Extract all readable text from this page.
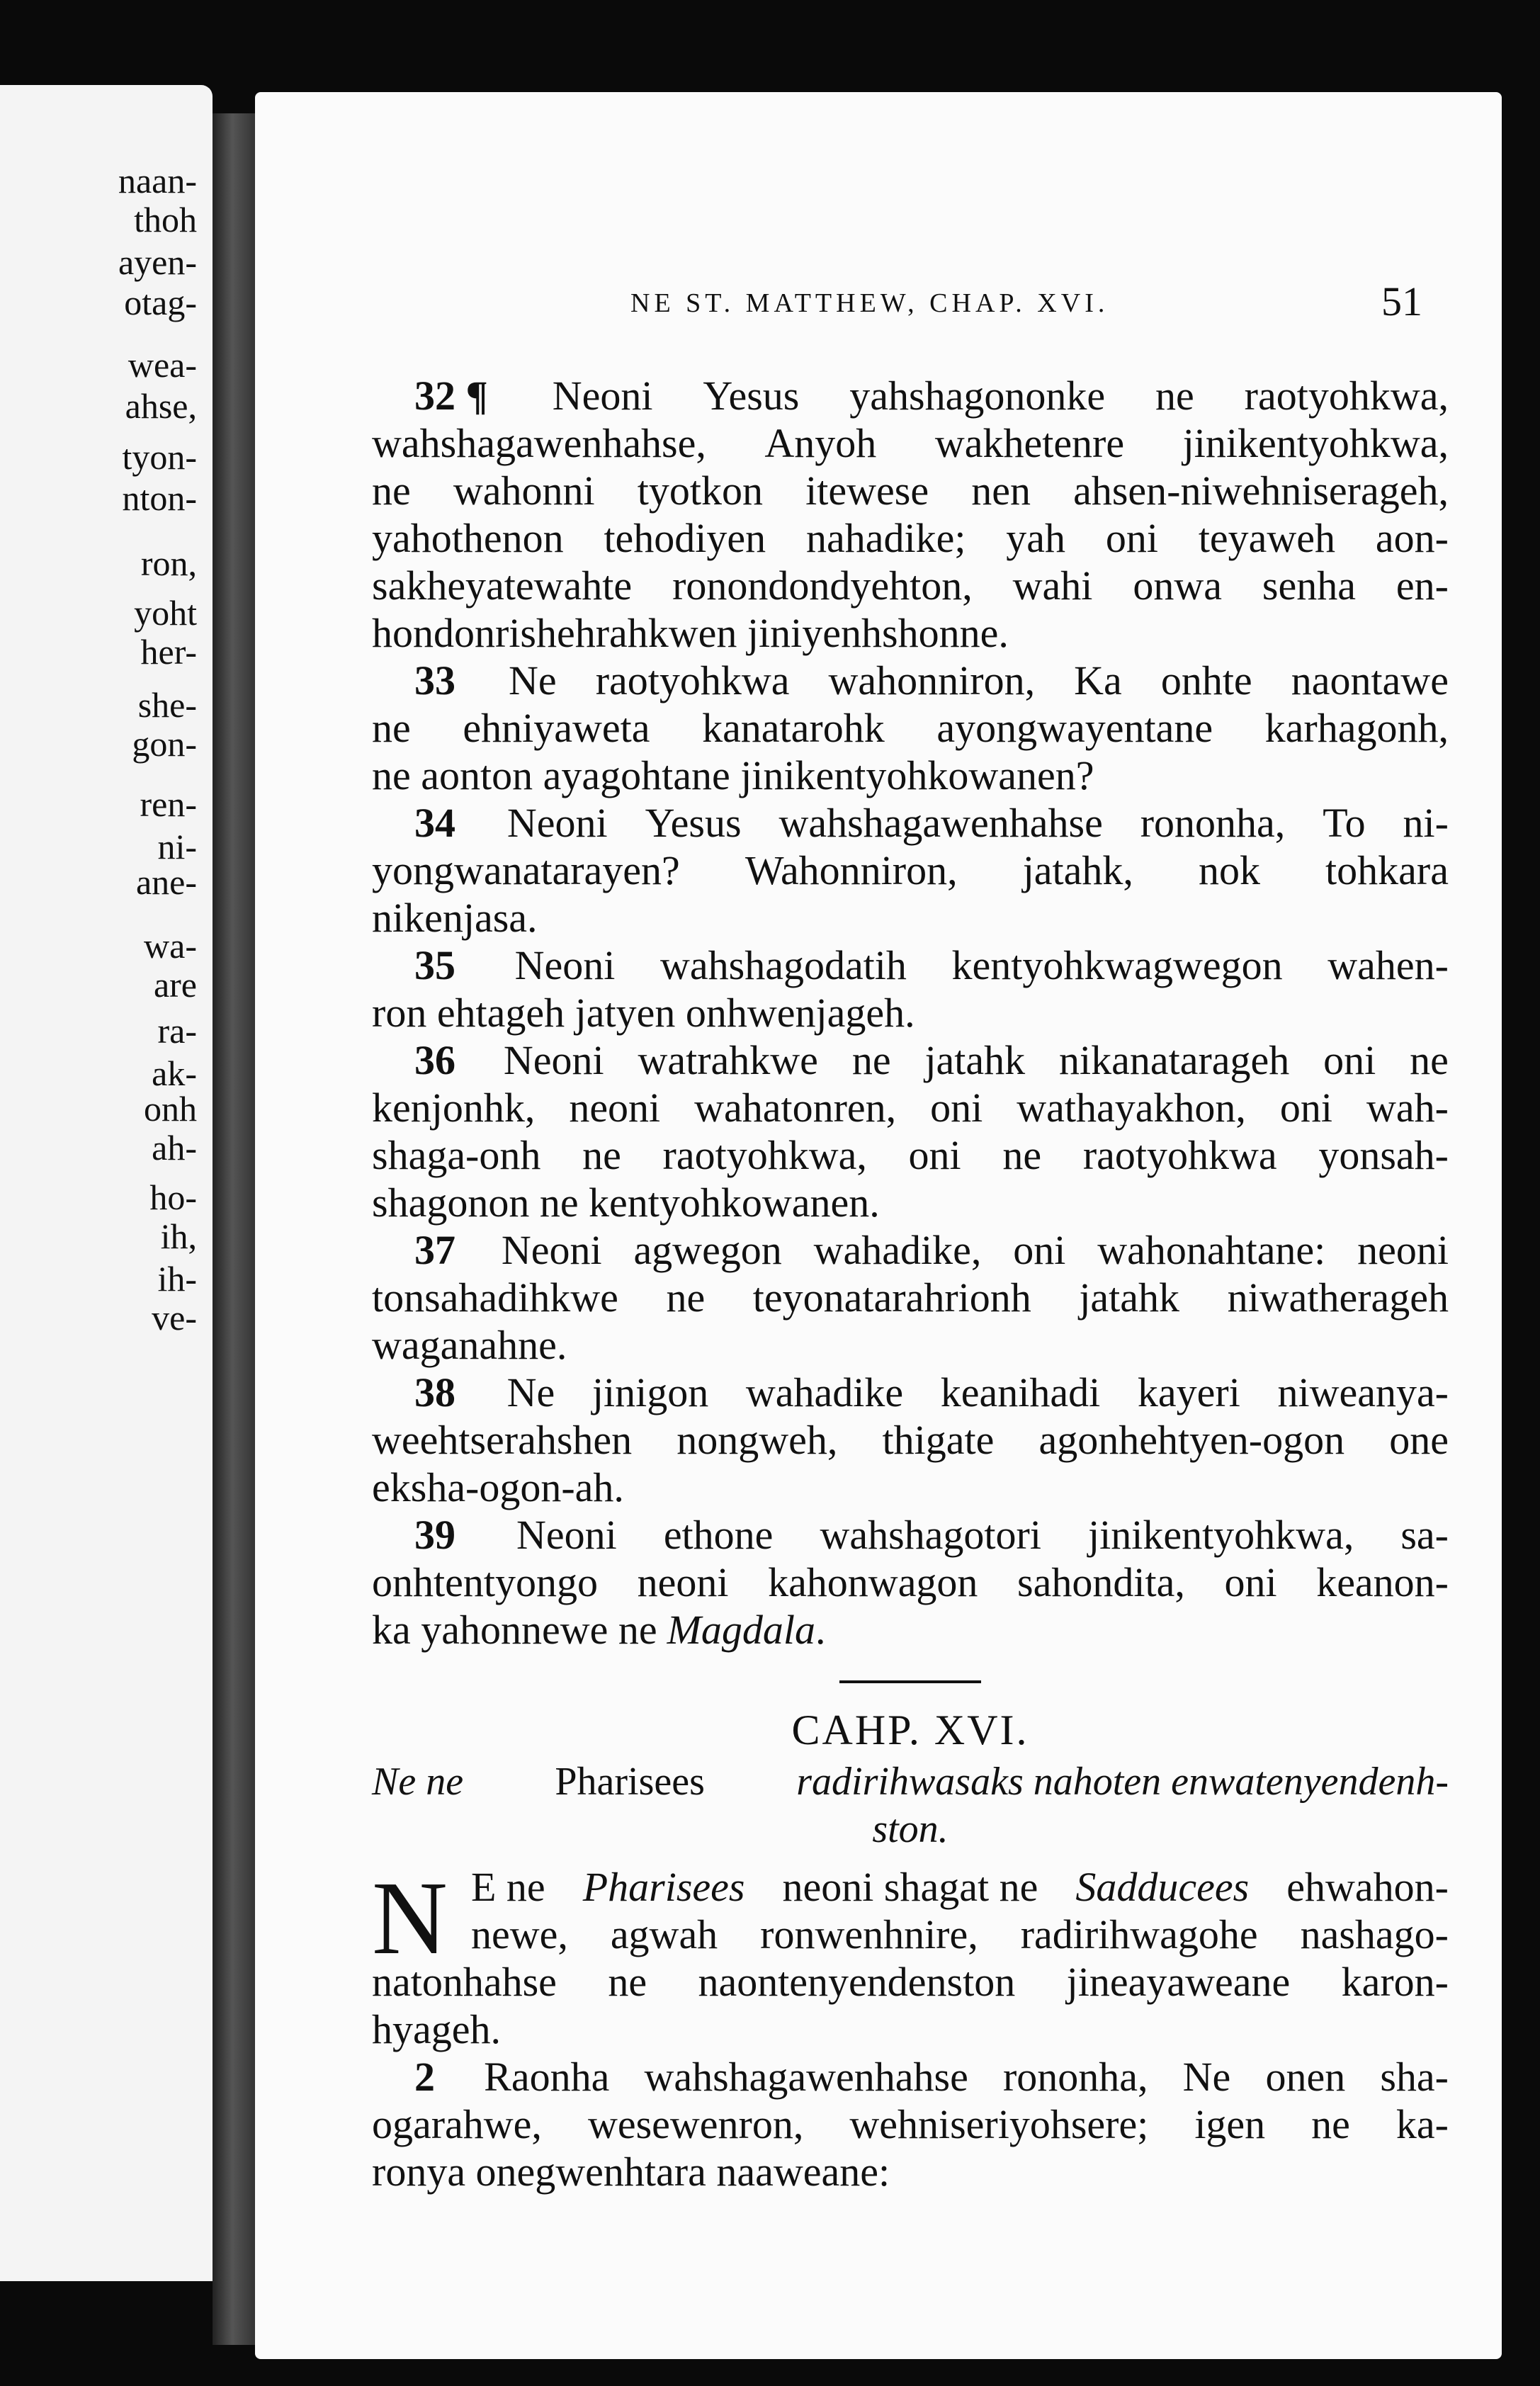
naan-
thoh
ayen-
otag-
wea-
ahse,
tyon-
nton-
ron,
yoht
her-
she-
gon-
ren-
ni-
ane-
wa-
are
ra-
ak-
onh
ah-
ho-
ih,
ih-
ve-
NE ST. MATTHEW, CHAP. XVI.	51
32 ¶ Neoni Yesus yahshagononke ne raotyohkwa,
wahshagawenhahse, Anyoh wakhetenre jinikentyohkwa,
ne wahonni tyotkon itewese nen ahsen-niwehniserageh,
yahothenon tehodiyen nahadike; yah oni teyaweh aon-
sakheyatewahte ronondondyehton, wahi onwa senha en-
hondonrishehrahkwen jiniyenhshonne.
33 Ne raotyohkwa wahonniron, Ka onhte naontawe
ne ehniyaweta kanatarohk ayongwayentane karhagonh,
ne aonton ayagohtane jinikentyohkowanen?
34 Neoni Yesus wahshagawenhahse rononha, To ni-
yongwanatarayen? Wahonniron, jatahk, nok tohkara
nikenjasa.
35 Neoni wahshagodatih kentyohkwagwegon wahen-
ron ehtageh jatyen onhwenjageh.
36 Neoni watrahkwe ne jatahk nikanatarageh oni ne
kenjonhk, neoni wahatonren, oni wathayakhon, oni wah-
shaga-onh ne raotyohkwa, oni ne raotyohkwa yonsah-
shagonon ne kentyohkowanen.
37 Neoni agwegon wahadike, oni wahonahtane: neoni
tonsahadihkwe ne teyonatarahrionh jatahk niwatherageh
waganahne.
38 Ne jinigon wahadike keanihadi kayeri niweanya-
weehtserahshen nongweh, thigate agonhehtyen-ogon one
eksha-ogon-ah.
39 Neoni ethone wahshagotori jinikentyohkwa, sa-
onhtentyongo neoni kahonwagon sahondita, oni keanon-
ka yahonnewe ne Magdala .
CAHP. XVI.
Ne ne Pharisees radirihwasaks nahoten enwatenyendenh-
ston.
N E ne Pharisees neoni shagat ne Sadducees ehwahon-
newe, agwah ronwenhnire, radirihwagohe nashago-
natonhahse ne naontenyendenston jineayaweane karon-
hyageh.
2 Raonha wahshagawenhahse rononha, Ne onen sha-
ogarahwe, wesewenron, wehniseriyohsere; igen ne ka-
ronya onegwenhtara naaweane:
